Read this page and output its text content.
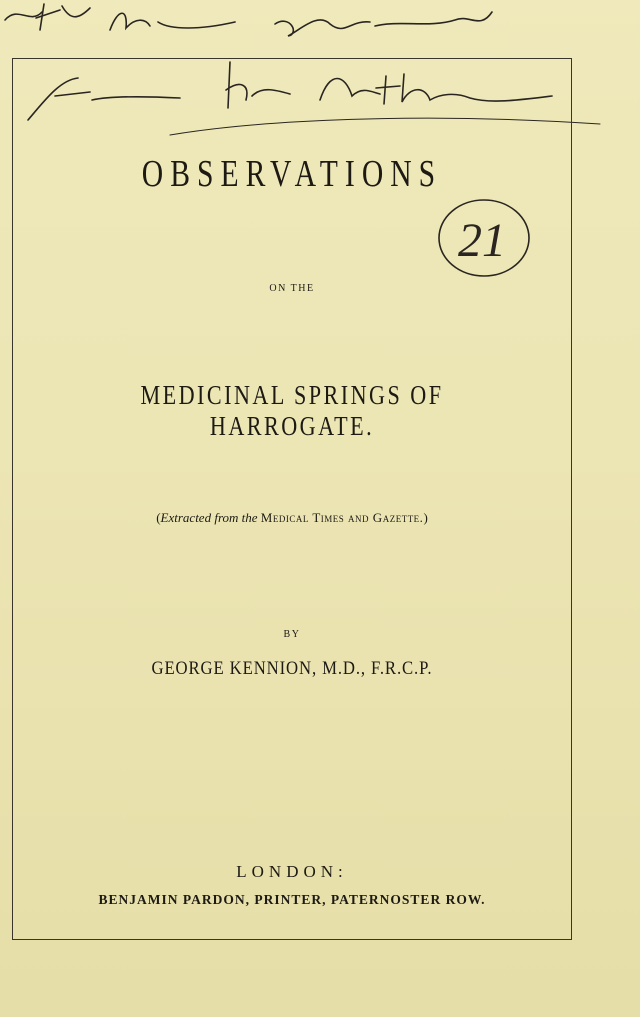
21
OBSERVATIONS
ON THE
MEDICINAL SPRINGS OF HARROGATE.
(Extracted from the Medical Times and Gazette.)
BY
GEORGE KENNION, M.D., F.R.C.P.
LONDON:
BENJAMIN PARDON, PRINTER, PATERNOSTER ROW.
